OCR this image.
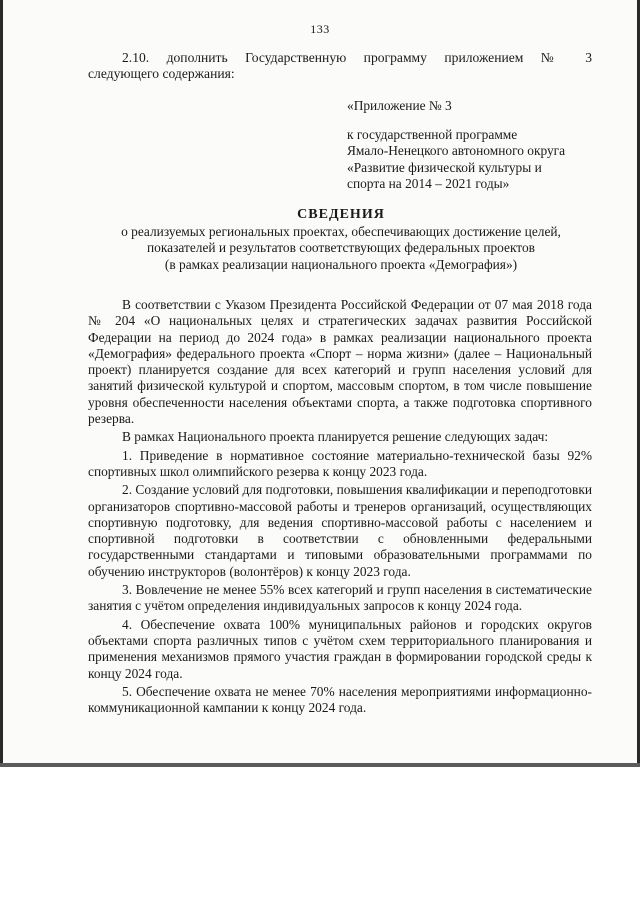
133
2.10. дополнить Государственную программу приложением № 3
следующего содержания:
«Приложение № 3
к государственной программе
Ямало-Ненецкого автономного округа
«Развитие физической культуры и
спорта на 2014 – 2021 годы»
СВЕДЕНИЯ
о реализуемых региональных проектах, обеспечивающих достижение целей,
показателей и результатов соответствующих федеральных проектов
(в рамках реализации национального проекта «Демография»)

В соответствии с Указом Президента Российской Федерации от 07 мая 2018 года № 204 «О национальных целях и стратегических задачах развития Российской Федерации на период до 2024 года» в рамках реализации национального проекта «Демография» федерального проекта «Спорт – норма жизни» (далее – Национальный проект) планируется создание для всех категорий и групп населения условий для занятий физической культурой и спортом, массовым спортом, в том числе повышение уровня обеспеченности населения объектами спорта, а также подготовка спортивного резерва.

В рамках Национального проекта планируется решение следующих задач:

1. Приведение в нормативное состояние материально-технической базы 92% спортивных школ олимпийского резерва к концу 2023 года.

2. Создание условий для подготовки, повышения квалификации и переподготовки организаторов спортивно-массовой работы и тренеров организаций, осуществляющих спортивную подготовку, для ведения спортивно-массовой работы с населением и спортивной подготовки в соответствии с обновленными федеральными государственными стандартами и типовыми образовательными программами по обучению инструкторов (волонтёров) к концу 2023 года.

3. Вовлечение не менее 55% всех категорий и групп населения в систематические занятия с учётом определения индивидуальных запросов к концу 2024 года.

4. Обеспечение охвата 100% муниципальных районов и городских округов объектами спорта различных типов с учётом схем территориального планирования и применения механизмов прямого участия граждан в формировании городской среды к концу 2024 года.

5. Обеспечение охвата не менее 70% населения мероприятиями информационно-коммуникационной кампании к концу 2024 года.
